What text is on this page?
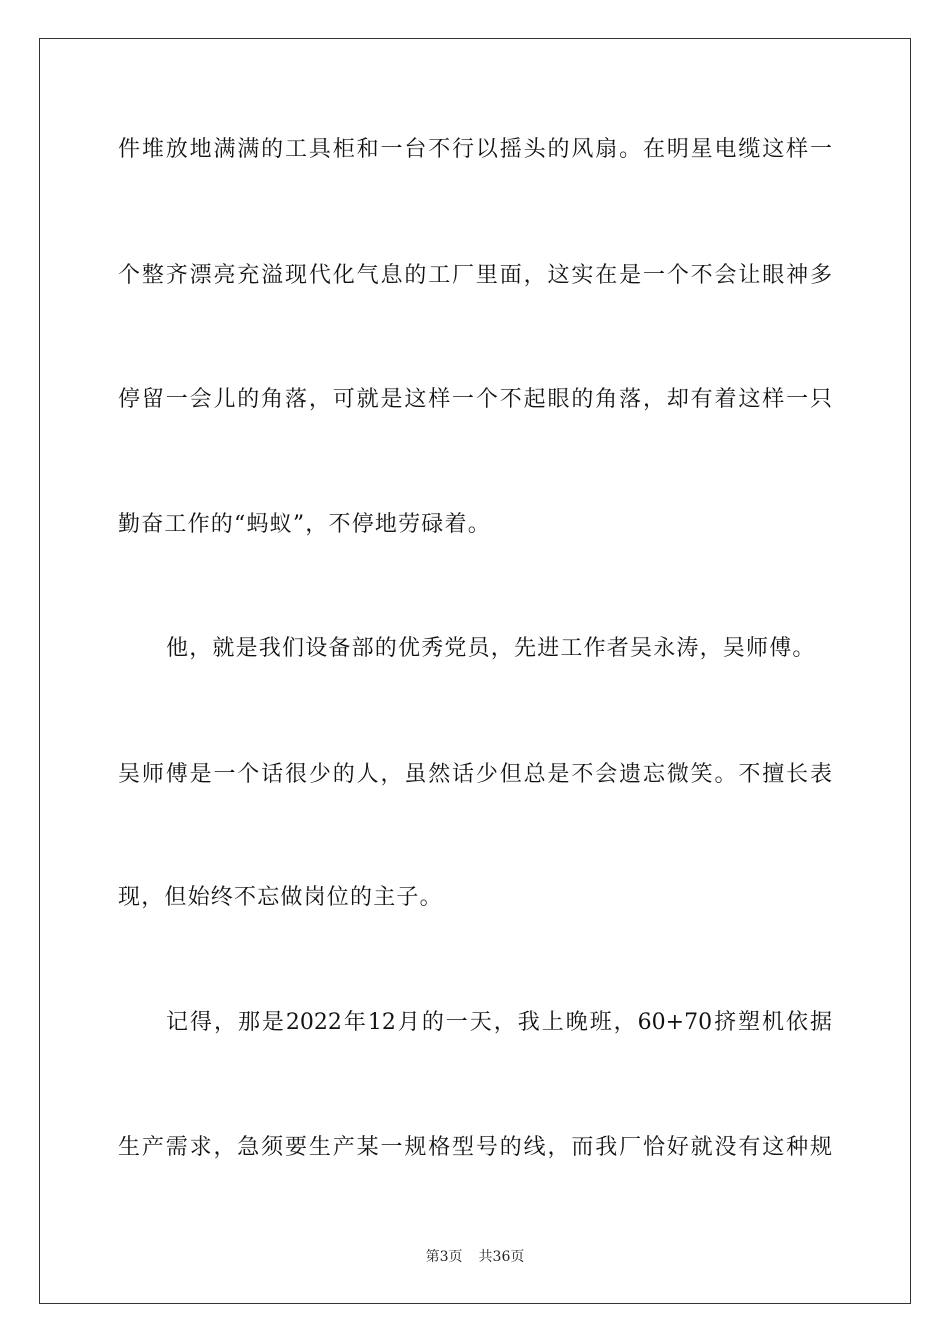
件堆放地满满的工具柜和一台不行以摇头的风扇。在明星电缆这样一
个整齐漂亮充溢现代化气息的工厂里面，这实在是一个不会让眼神多
停留一会儿的角落，可就是这样一个不起眼的角落，却有着这样一只
勤奋工作的“蚂蚁”，不停地劳碌着。
他，就是我们设备部的优秀党员，先进工作者吴永涛，吴师傅。
吴师傅是一个话很少的人，虽然话少但总是不会遗忘微笑。不擅长表
现，但始终不忘做岗位的主子。
记得，那是2022年12月的一天，我上晚班，60+70挤塑机依据
生产需求，急须要生产某一规格型号的线，而我厂恰好就没有这种规
第3页 共36页
